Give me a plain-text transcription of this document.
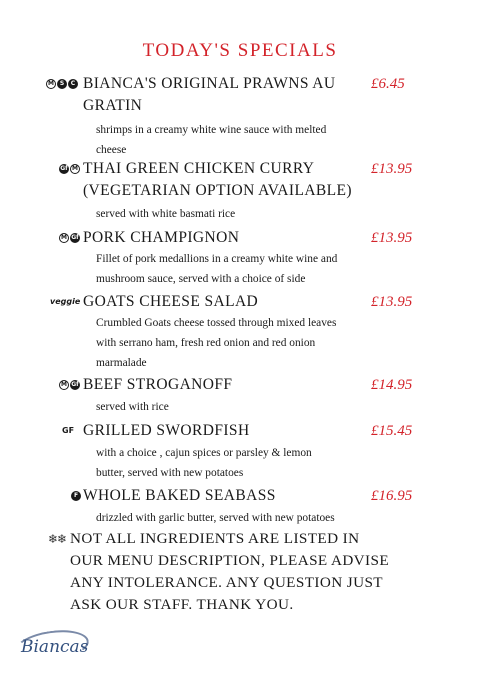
TODAY'S SPECIALS
M S	C BIANCA'S ORIGINAL PRAWNS AU £6.45
GRATIN
shrimps in a creamy white wine sauce with melted
cheese
Gf M THAI GREEN CHICKEN CURRY	£13.95
(VEGETARIAN OPTION AVAILABLE)
served with white basmati rice
M Gf PORK CHAMPIGNON	£13.95
Fillet of pork medallions in a creamy white wine and
mushroom sauce, served with a choice of side
veggie GOATS CHEESE SALAD	£13.95
Crumbled Goats cheese tossed through mixed leaves
with serrano ham, fresh red onion and red onion
marmalade
M Gf BEEF STROGANOFF	£14.95
served with rice
GF GRILLED SWORDFISH	£15.45
with a choice , cajun spices or parsley & lemon
butter, served with new potatoes
F WHOLE BAKED SEABASS	£16.95
drizzled with garlic butter, served with new potatoes
❄❄ NOT ALL INGREDIENTS ARE LISTED IN
OUR MENU DESCRIPTION, PLEASE ADVISE
ANY INTOLERANCE. ANY QUESTION JUST
ASK OUR STAFF. THANK YOU.
Biancas
